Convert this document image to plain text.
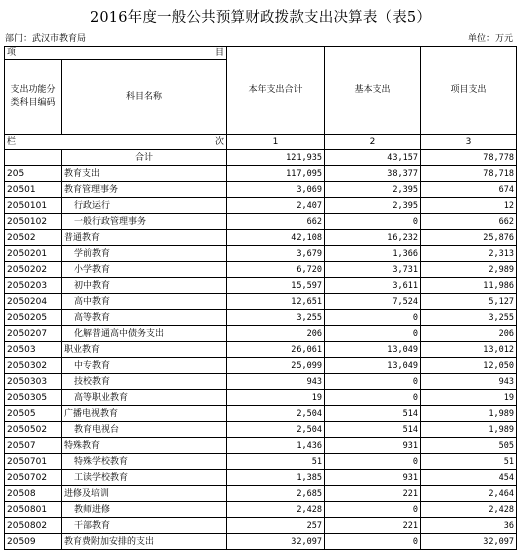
2016年度一般公共预算财政拨款支出决算表（表5）
部门：武汉市教育局	单位：万元
项 目		本年支出合计	基本支出	项目支出
支出功能分类科目编码	科目名称			

栏 次		1	2	3
	合计	121,935	43,157	78,778
205	教育支出	117,095	38,377	78,718
20501	教育管理事务	3,069	2,395	674
2050101	行政运行	2,407	2,395	12
2050102	一般行政管理事务	662	0	662
20502	普通教育	42,108	16,232	25,876
2050201	学前教育	3,679	1,366	2,313
2050202	小学教育	6,720	3,731	2,989
2050203	初中教育	15,597	3,611	11,986
2050204	高中教育	12,651	7,524	5,127
2050205	高等教育	3,255	0	3,255
2050207	化解普通高中债务支出	206	0	206
20503	职业教育	26,061	13,049	13,012
2050302	中专教育	25,099	13,049	12,050
2050303	技校教育	943	0	943
2050305	高等职业教育	19	0	19
20505	广播电视教育	2,504	514	1,989
2050502	教育电视台	2,504	514	1,989
20507	特殊教育	1,436	931	505
2050701	特殊学校教育	51	0	51
2050702	工读学校教育	1,385	931	454
20508	进修及培训	2,685	221	2,464
2050801	教师进修	2,428	0	2,428
2050802	干部教育	257	221	36
20509	教育费附加安排的支出	32,097	0	32,097
